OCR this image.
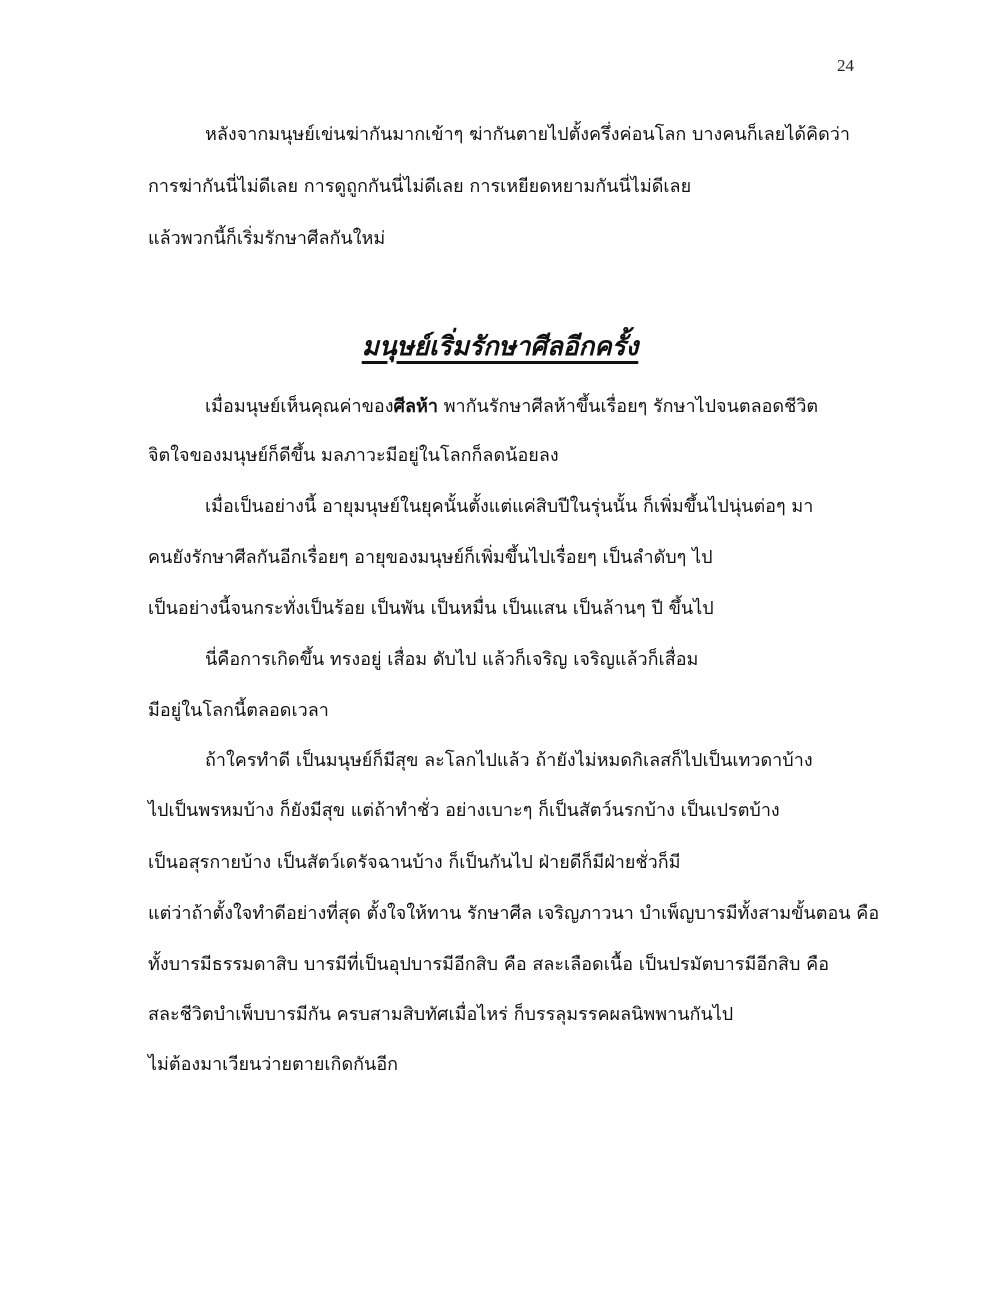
24
หลังจากมนุษย์เข่นฆ่ากันมากเข้าๆ ฆ่ากันตายไปตั้งครึ่งค่อนโลก บางคนก็เลยได้คิดว่า
การฆ่ากันนี่ไม่ดีเลย การดูถูกกันนี่ไม่ดีเลย การเหยียดหยามกันนี่ไม่ดีเลย
แล้วพวกนี้ก็เริ่มรักษาศีลกันใหม่
มนุษย์เริ่มรักษาศีลอีกครั้ง
เมื่อมนุษย์เห็นคุณค่าของศีลห้า พากันรักษาศีลห้าขึ้นเรื่อยๆ รักษาไปจนตลอดชีวิต
จิตใจของมนุษย์ก็ดีขึ้น มลภาวะมีอยู่ในโลกก็ลดน้อยลง
เมื่อเป็นอย่างนี้ อายุมนุษย์ในยุคนั้นตั้งแต่แค่สิบปีในรุ่นนั้น ก็เพิ่มขึ้นไปนุ่นต่อๆ มา
คนยังรักษาศีลกันอีกเรื่อยๆ อายุของมนุษย์ก็เพิ่มขึ้นไปเรื่อยๆ เป็นลำดับๆ ไป
เป็นอย่างนี้จนกระทั่งเป็นร้อย เป็นพัน เป็นหมื่น เป็นแสน เป็นล้านๆ ปี ขึ้นไป
นี่คือการเกิดขึ้น ทรงอยู่ เสื่อม ดับไป แล้วก็เจริญ เจริญแล้วก็เสื่อม
มีอยู่ในโลกนี้ตลอดเวลา
ถ้าใครทำดี เป็นมนุษย์ก็มีสุข ละโลกไปแล้ว ถ้ายังไม่หมดกิเลสก็ไปเป็นเทวดาบ้าง
ไปเป็นพรหมบ้าง ก็ยังมีสุข แต่ถ้าทำชั่ว อย่างเบาะๆ ก็เป็นสัตว์นรกบ้าง เป็นเปรตบ้าง
เป็นอสุรกายบ้าง เป็นสัตว์เดรัจฉานบ้าง ก็เป็นกันไป ฝ่ายดีก็มีฝ่ายชั่วก็มี
แต่ว่าถ้าตั้งใจทำดีอย่างที่สุด ตั้งใจให้ทาน รักษาศีล เจริญภาวนา บำเพ็ญบารมีทั้งสามขั้นตอน คือ
ทั้งบารมีธรรมดาสิบ บารมีที่เป็นอุปบารมีอีกสิบ คือ สละเลือดเนื้อ เป็นปรมัตบารมีอีกสิบ คือ
สละชีวิตบำเพ็บบารมีกัน ครบสามสิบทัศเมื่อไหร่ ก็บรรลุมรรคผลนิพพานกันไป
ไม่ต้องมาเวียนว่ายตายเกิดกันอีก
